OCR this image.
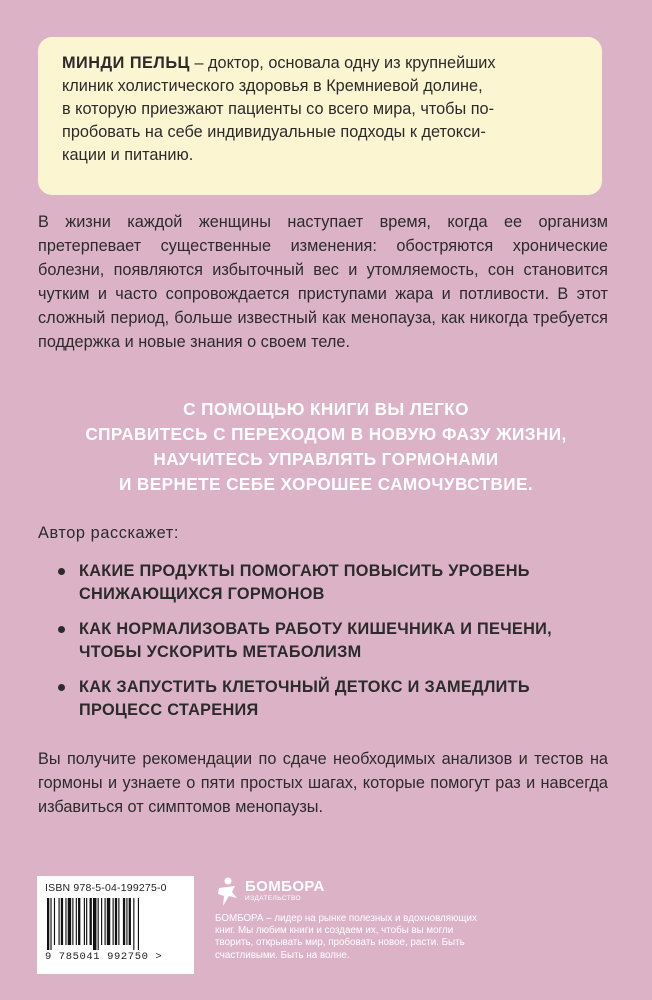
МИНДИ ПЕЛЬЦ – доктор, основала одну из крупнейших
клиник холистического здоровья в Кремниевой долине,
в которую приезжают пациенты со всего мира, чтобы по-
пробовать на себе индивидуальные подходы к детокси-
кации и питанию.

В жизни каждой женщины наступает время, когда ее организм претерпевает существенные изменения: обостряются хронические болезни, появляются избыточный вес и утомляемость, сон становится чутким и часто сопровождается приступами жара и потливости. В этот сложный период, больше известный как менопауза, как никогда требуется поддержка и новые знания о своем теле.

С ПОМОЩЬЮ КНИГИ ВЫ ЛЕГКО
СПРАВИТЕСЬ С ПЕРЕХОДОМ В НОВУЮ ФАЗУ ЖИЗНИ,
НАУЧИТЕСЬ УПРАВЛЯТЬ ГОРМОНАМИ
И ВЕРНЕТЕ СЕБЕ ХОРОШЕЕ САМОЧУВСТВИЕ.

Автор расскажет:

КАКИЕ ПРОДУКТЫ ПОМОГАЮТ ПОВЫСИТЬ УРОВЕНЬ
СНИЖАЮЩИХСЯ ГОРМОНОВ
КАК НОРМАЛИЗОВАТЬ РАБОТУ КИШЕЧНИКА И ПЕЧЕНИ,
ЧТОБЫ УСКОРИТЬ МЕТАБОЛИЗМ
КАК ЗАПУСТИТЬ КЛЕТОЧНЫЙ ДЕТОКС И ЗАМЕДЛИТЬ
ПРОЦЕСС СТАРЕНИЯ

Вы получите рекомендации по сдаче необходимых анализов и тестов на гормоны и узнаете о пяти простых шагах, которые помогут раз и навсегда избавиться от симптомов менопаузы.

ISBN 978-5-04-199275-0
9 785041 992750 >
БОМБОРА
ИЗДАТЕЛЬСТВО

БОМБОРА – лидер на рынке полезных и вдохновляющих книг. Мы любим книги и создаем их, чтобы вы могли творить, открывать мир, пробовать новое, расти. Быть счастливыми. Быть на волне.
